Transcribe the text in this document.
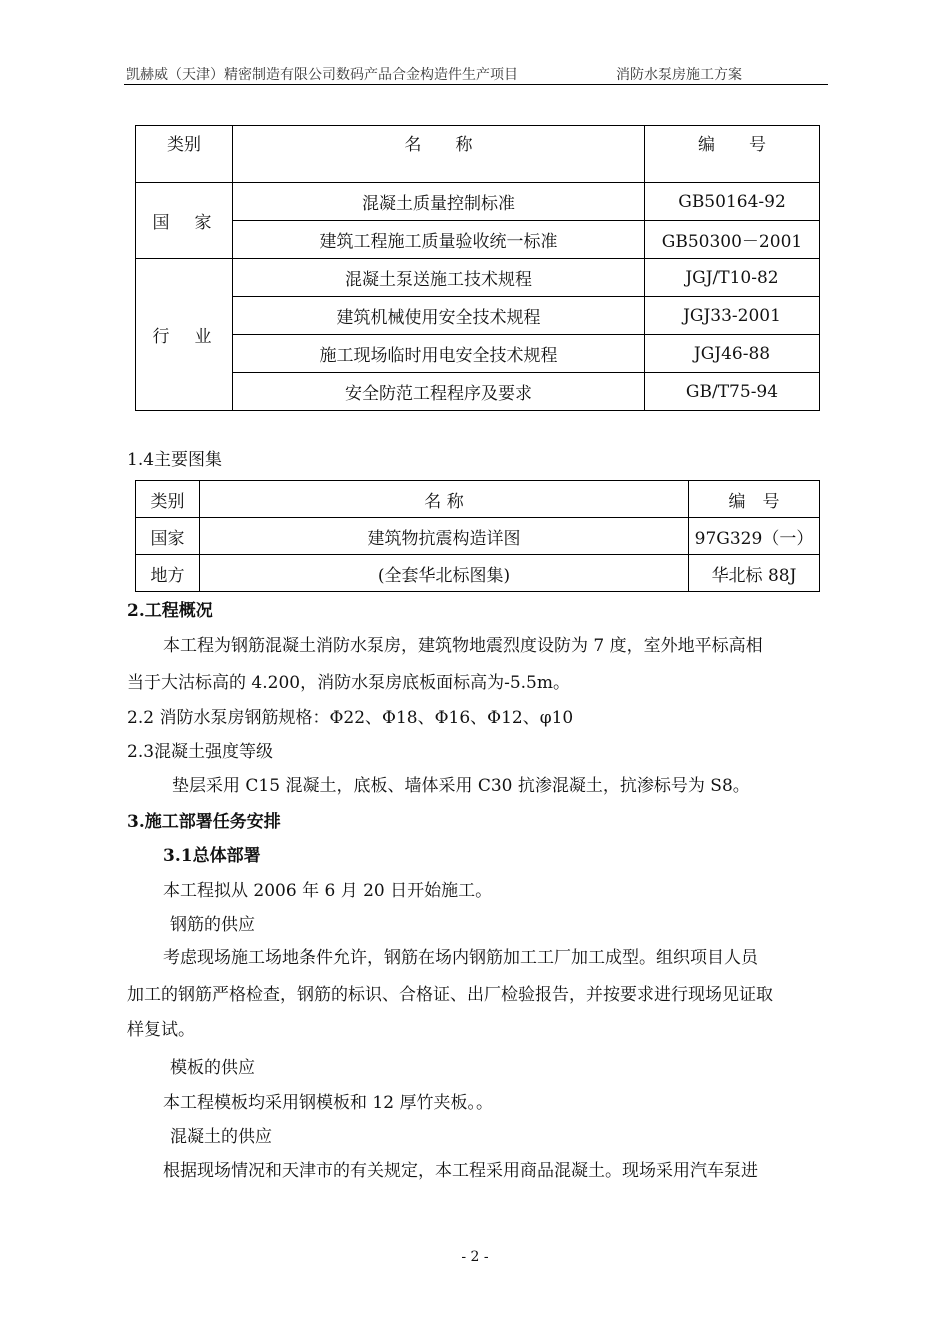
凯赫威（天津）精密制造有限公司数码产品合金构造件生产项目	消防水泵房施工方案
类别	名　　称	编　　号
国　家	混凝土质量控制标准	GB50164-92
	建筑工程施工质量验收统一标准	GB50300－2001
行　业	混凝土泵送施工技术规程	JGJ/T10-82
	建筑机械使用安全技术规程	JGJ33-2001
	施工现场临时用电安全技术规程	JGJ46-88
	安全防范工程程序及要求	GB/T75-94
1.4主要图集
类别	名 称	编　号
国家	建筑物抗震构造详图	97G329（一）
地方	(全套华北标图集)	华北标 88J
2.工程概况
本工程为钢筋混凝土消防水泵房，建筑物地震烈度设防为 7 度，室外地平标高相
当于大沽标高的 4.200，消防水泵房底板面标高为-5.5m。
2.2 消防水泵房钢筋规格：Φ22、Φ18、Φ16、Φ12、φ10
2.3混凝土强度等级
垫层采用 C15 混凝土，底板、墙体采用 C30 抗渗混凝土，抗渗标号为 S8。
3.施工部署任务安排
3.1总体部署
本工程拟从 2006 年 6 月 20 日开始施工。
钢筋的供应
考虑现场施工场地条件允许，钢筋在场内钢筋加工工厂加工成型。组织项目人员
加工的钢筋严格检查，钢筋的标识、合格证、出厂检验报告，并按要求进行现场见证取
样复试。
模板的供应
本工程模板均采用钢模板和 12 厚竹夹板。。
混凝土的供应
根据现场情况和天津市的有关规定，本工程采用商品混凝土。现场采用汽车泵进
- 2 -
